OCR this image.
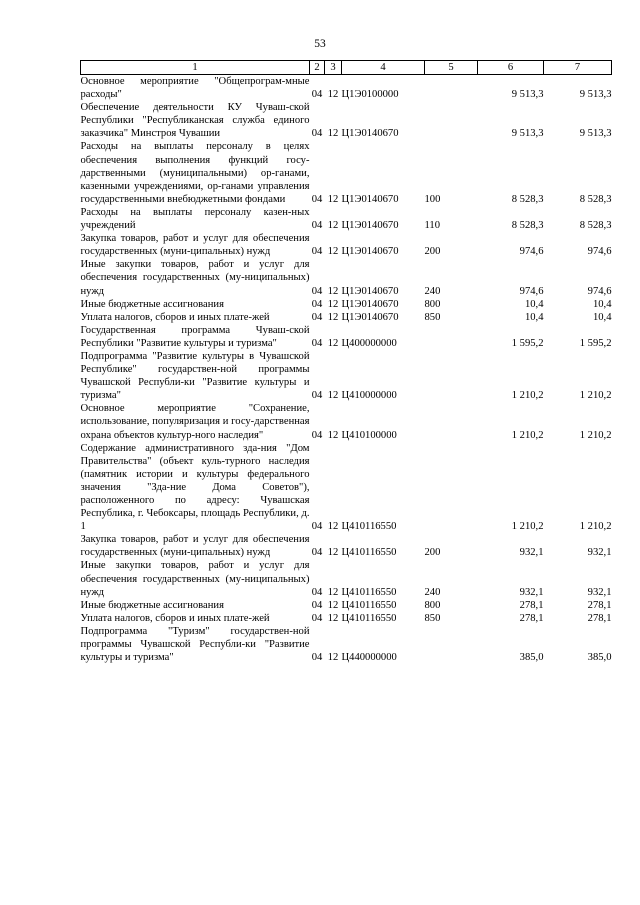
53
1	2	3	4	5	6	7
Основное мероприятие "Общепрограм-мные расходы"	04	12	Ц1Э0100000		9 513,3	9 513,3
Обеспечение деятельности КУ Чуваш-ской Республики "Республиканская служба единого заказчика" Минстроя Чувашии	04	12	Ц1Э0140670		9 513,3	9 513,3
Расходы на выплаты персоналу в целях обеспечения выполнения функций госу-дарственными (муниципальными) ор-ганами, казенными учреждениями, ор-ганами управления государственными внебюджетными фондами	04	12	Ц1Э0140670	100	8 528,3	8 528,3
Расходы на выплаты персоналу казен-ных учреждений	04	12	Ц1Э0140670	110	8 528,3	8 528,3
Закупка товаров, работ и услуг для обеспечения государственных (муни-ципальных) нужд	04	12	Ц1Э0140670	200	974,6	974,6
Иные закупки товаров, работ и услуг для обеспечения государственных (му-ниципальных) нужд	04	12	Ц1Э0140670	240	974,6	974,6
Иные бюджетные ассигнования	04	12	Ц1Э0140670	800	10,4	10,4
Уплата налогов, сборов и иных плате-жей	04	12	Ц1Э0140670	850	10,4	10,4
Государственная программа Чуваш-ской Республики "Развитие культуры и туризма"	04	12	Ц400000000		1 595,2	1 595,2
Подпрограмма "Развитие культуры в Чувашской Республике" государствен-ной программы Чувашской Республи-ки "Развитие культуры и туризма"	04	12	Ц410000000		1 210,2	1 210,2
Основное мероприятие "Сохранение, использование, популяризация и госу-дарственная охрана объектов культур-ного наследия"	04	12	Ц410100000		1 210,2	1 210,2
Содержание административного зда-ния "Дом Правительства" (объект куль-турного наследия (памятник истории и культуры федерального значения "Зда-ние Дома Советов"), расположенного по адресу: Чувашская Республика, г. Чебоксары, площадь Республики, д. 1	04	12	Ц410116550		1 210,2	1 210,2
Закупка товаров, работ и услуг для обеспечения государственных (муни-ципальных) нужд	04	12	Ц410116550	200	932,1	932,1
Иные закупки товаров, работ и услуг для обеспечения государственных (му-ниципальных) нужд	04	12	Ц410116550	240	932,1	932,1
Иные бюджетные ассигнования	04	12	Ц410116550	800	278,1	278,1
Уплата налогов, сборов и иных плате-жей	04	12	Ц410116550	850	278,1	278,1
Подпрограмма "Туризм" государствен-ной программы Чувашской Республи-ки "Развитие культуры и туризма"	04	12	Ц440000000		385,0	385,0
